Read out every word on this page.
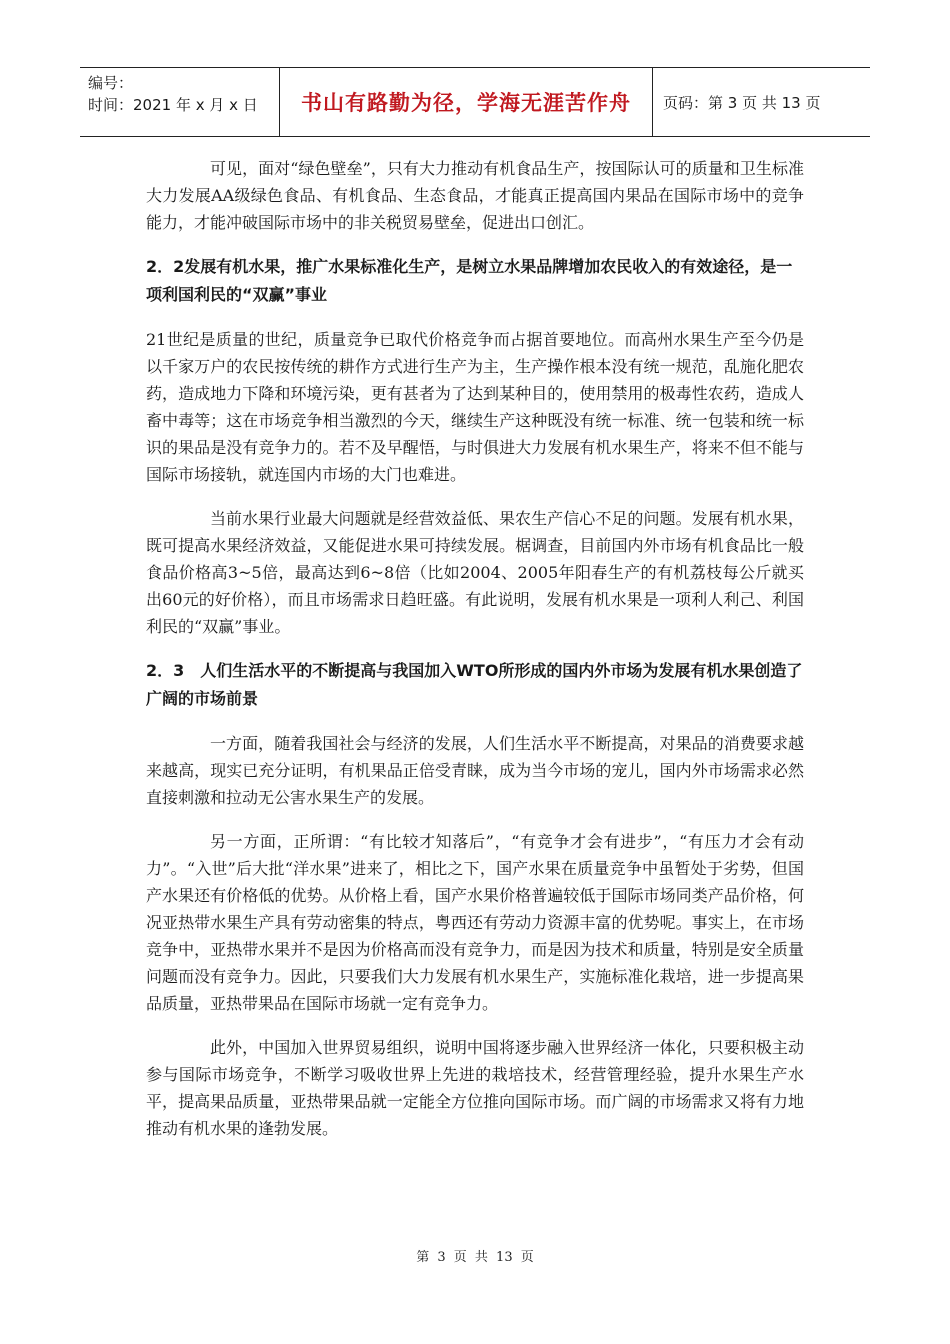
编号：
时间：2021 年 x 月 x 日	书山有路勤为径，学海无涯苦作舟	页码：第 3 页 共 13 页

可见，面对“绿色壁垒”，只有大力推动有机食品生产，按国际认可的质量和卫生标准大力发展AA级绿色食品、有机食品、生态食品，才能真正提高国内果品在国际市场中的竞争能力，才能冲破国际市场中的非关税贸易壁垒，促进出口创汇。

2．2发展有机水果，推广水果标准化生产，是树立水果品牌增加农民收入的有效途径，是一项利国利民的“双赢”事业

21世纪是质量的世纪，质量竞争已取代价格竞争而占据首要地位。而高州水果生产至今仍是以千家万户的农民按传统的耕作方式进行生产为主，生产操作根本没有统一规范，乱施化肥农药，造成地力下降和环境污染，更有甚者为了达到某种目的，使用禁用的极毒性农药，造成人畜中毒等；这在市场竞争相当激烈的今天，继续生产这种既没有统一标准、统一包装和统一标识的果品是没有竞争力的。若不及早醒悟，与时俱进大力发展有机水果生产，将来不但不能与国际市场接轨，就连国内市场的大门也难进。

当前水果行业最大问题就是经营效益低、果农生产信心不足的问题。发展有机水果，既可提高水果经济效益，又能促进水果可持续发展。椐调查，目前国内外市场有机食品比一般食品价格高3~5倍，最高达到6~8倍（比如2004、2005年阳春生产的有机荔枝每公斤就买出60元的好价格），而且市场需求日趋旺盛。有此说明，发展有机水果是一项利人利己、利国利民的“双赢”事业。

2．3　人们生活水平的不断提高与我国加入WTO所形成的国内外市场为发展有机水果创造了广阔的市场前景

一方面，随着我国社会与经济的发展，人们生活水平不断提高，对果品的消费要求越来越高，现实已充分证明，有机果品正倍受青睐，成为当今市场的宠儿，国内外市场需求必然直接刺激和拉动无公害水果生产的发展。

另一方面，正所谓：“有比较才知落后”，“有竞争才会有进步”，“有压力才会有动力”。“入世”后大批“洋水果”进来了，相比之下，国产水果在质量竞争中虽暂处于劣势，但国产水果还有价格低的优势。从价格上看，国产水果价格普遍较低于国际市场同类产品价格，何况亚热带水果生产具有劳动密集的特点，粤西还有劳动力资源丰富的优势呢。事实上，在市场竞争中，亚热带水果并不是因为价格高而没有竞争力，而是因为技术和质量，特别是安全质量问题而没有竞争力。因此，只要我们大力发展有机水果生产，实施标准化栽培，进一步提高果品质量，亚热带果品在国际市场就一定有竞争力。

此外，中国加入世界贸易组织，说明中国将逐步融入世界经济一体化，只要积极主动参与国际市场竞争，不断学习吸收世界上先进的栽培技术，经营管理经验，提升水果生产水平，提高果品质量，亚热带果品就一定能全方位推向国际市场。而广阔的市场需求又将有力地推动有机水果的逢勃发展。

第 3 页 共 13 页
